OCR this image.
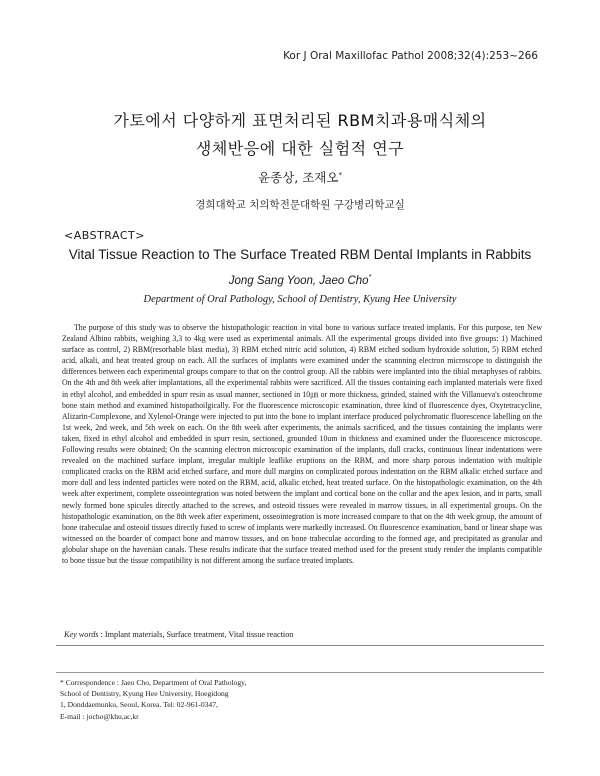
Kor J Oral Maxillofac Pathol 2008;32(4):253~266
가토에서 다양하게 표면처리된 RBM치과용매식체의
생체반응에 대한 실험적 연구
윤종상, 조재오*
경희대학교 치의학전문대학원 구강병리학교실
<ABSTRACT>
Vital Tissue Reaction to The Surface Treated RBM Dental Implants in Rabbits
Jong Sang Yoon, Jaeo Cho*
Department of Oral Pathology, School of Dentistry, Kyung Hee University
The purpose of this study was to observe the histopathologic reaction in vital bone to various surface treated implants. For this purpose, ten New Zealand Albino rabbits, weighing 3,3 to 4kg were used as experimental animals. All the experimental groups divided into five groups: 1) Machined surface as control, 2) RBM(resorbable blast media), 3) RBM etched nitric acid solution, 4) RBM etched sodium hydroxide solution, 5) RBM etched acid, alkali, and heat treated group on each. All the surfaces of implants were examined under the scannning electron microscope to distinguish the differences between each experimental groups compare to that on the control group. All the rabbits were implanted into the tibial metaphyses of rabbits. On the 4th and 8th week after implantations, all the experimental rabbits were sacrificed. All the tissues containing each implanted materials were fixed in ethyl alcohol, and embedded in spurr resin as usual manner, sectioned in 10㎛ or more thickness, grinded, stained with the Villanueva's osteochrome bone stain method and examined histopathoilgically. For the fluorescence microscopic examination, three kind of fluorescence dyes, Oxytetracycline, Alizarin-Complexone, and Xylenol-Orange were injected to put into the bone to implant interface produced polychromatic fluorescence labelling on the 1st week, 2nd week, and 5th week on each. On the 8th week after experiments, the animals sacrificed, and the tissues containing the implants were taken, fixed in ethyl alcohol and embedded in spurr resin, sectioned, grounded 10um in thickness and examined under the fluorescence microscope. Following results were obtained; On the scanning electron microscopic examination of the implants, dull cracks, continuous linear indentations were revealed on the machined surface implant, irregular multiple leaflike eruptions on the RBM, and more sharp porous indentation with multiple complicated cracks on the RBM acid etched surface, and more dull margins on complicated porous indentation on the RBM alkalic etched surface and more dull and less indented particles were noted on the RBM, acid, alkalic etched, heat treated surface. On the histopathologic examination, on the 4th week after experiment, complete osseointegration was noted between the implant and cortical bone on the collar and the apex lesion, and in parts, small newly formed bone spicules directly attached to the screws, and osteoid tissues were revealed in marrow tissues, in all experimental groups. On the histopathologic examination, on the 8th week after experiment, osseointegration is more increased compare to that on the 4th week group, the amount of bone trabeculae and osteoid tissues directly fused to screw of implants were markedly increased. On fluorescence examination, band or linear shape was witnessed on the boarder of compact bone and marrow tissues, and on bone trabeculae according to the formed age, and precipitated as granular and globular shape on the haversian canals. These results indicate that the surface treated method used for the present study render the implants compatible to bone tissue but the tissue compatibility is not different among the surface treated implants.
Key words : Implant materials, Surface treatment, Vital tissue reaction
* Correspondence : Jaeo Cho, Department of Oral Pathology,
School of Dentistry, Kyung Hee University, Hoegidong
1, Donddaemunku, Seoul, Korea. Tel: 02-961-0347,
E-mail : jocho@khu,ac,kr
